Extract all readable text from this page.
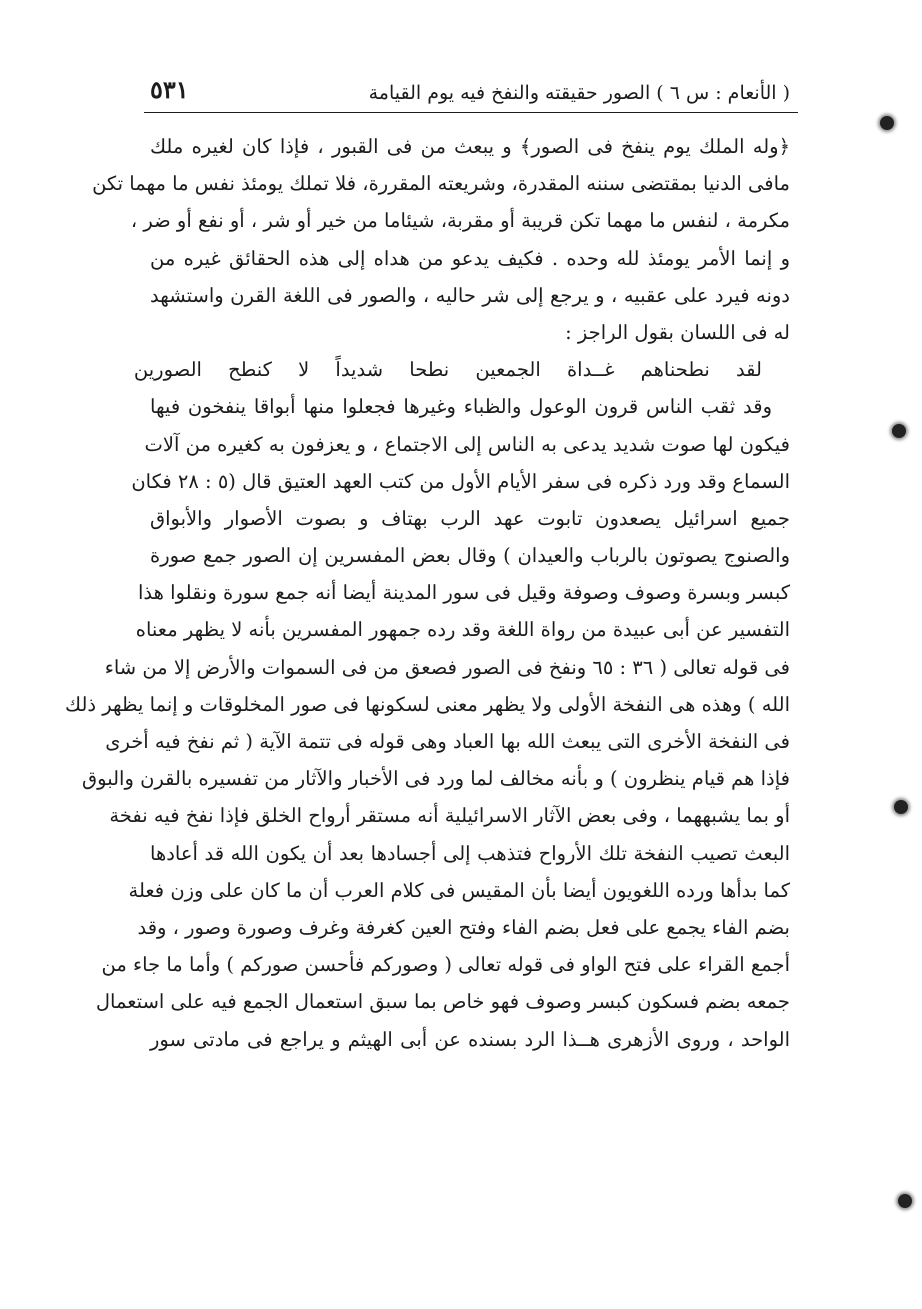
( الأنعام : س ٦ ) الصور حقيقته والنفخ فيه يوم القيامة
٥٣١
﴿وله الملك يوم ينفخ فى الصور﴾ و يبعث من فى القبور ، فإذا كان لغيره ملك
مافى الدنيا بمقتضى سننه المقدرة، وشريعته المقررة، فلا تملك يومئذ نفس ما مهما تكن
مكرمة ، لنفس ما مهما تكن قريبة أو مقربة، شيئاما من خير أو شر ، أو نفع أو ضر ،
و إنما الأمر يومئذ لله وحده . فكيف يدعو من هداه إلى هذه الحقائق غيره من
دونه فيرد على عقبيه ، و يرجع إلى شر حاليه ، والصور فى اللغة القرن واستشهد
له فى اللسان بقول الراجز :
لقد نطحناهم غــداة الجمعين نطحا شديداً لا كنطح الصورين
وقد ثقب الناس قرون الوعول والظباء وغيرها فجعلوا منها أبواقا ينفخون فيها
فيكون لها صوت شديد يدعى به الناس إلى الاجتماع ، و يعزفون به كغيره من آلات
السماع وقد ورد ذكره فى سفر الأيام الأول من كتب العهد العتيق قال (٥ : ٢٨ فكان
جميع اسرائيل يصعدون تابوت عهد الرب بهتاف و بصوت الأصوار والأبواق
والصنوج يصوتون بالرباب والعيدان ) وقال بعض المفسرين إن الصور جمع صورة
كبسر وبسرة وصوف وصوفة وقيل فى سور المدينة أيضا أنه جمع سورة ونقلوا هذا
التفسير عن أبى عبيدة من رواة اللغة وقد رده جمهور المفسرين بأنه لا يظهر معناه
فى قوله تعالى ( ٣٦ : ٦٥ ونفخ فى الصور فصعق من فى السموات والأرض إلا من شاء
الله ) وهذه هى النفخة الأولى ولا يظهر معنى لسكونها فى صور المخلوقات و إنما يظهر ذلك
فى النفخة الأخرى التى يبعث الله بها العباد وهى قوله فى تتمة الآية ( ثم نفخ فيه أخرى
فإذا هم قيام ينظرون ) و بأنه مخالف لما ورد فى الأخبار والآثار من تفسيره بالقرن والبوق
أو بما يشبههما ، وفى بعض الآثار الاسرائيلية أنه مستقر أرواح الخلق فإذا نفخ فيه نفخة
البعث تصيب النفخة تلك الأرواح فتذهب إلى أجسادها بعد أن يكون الله قد أعادها
كما بدأها ورده اللغويون أيضا بأن المقيس فى كلام العرب أن ما كان على وزن فعلة
بضم الفاء يجمع على فعل بضم الفاء وفتح العين كغرفة وغرف وصورة وصور ، وقد
أجمع القراء على فتح الواو فى قوله تعالى ( وصوركم فأحسن صوركم ) وأما ما جاء من
جمعه بضم فسكون كبسر وصوف فهو خاص بما سبق استعمال الجمع فيه على استعمال
الواحد ، وروى الأزهرى هــذا الرد بسنده عن أبى الهيثم و يراجع فى مادتى سور
